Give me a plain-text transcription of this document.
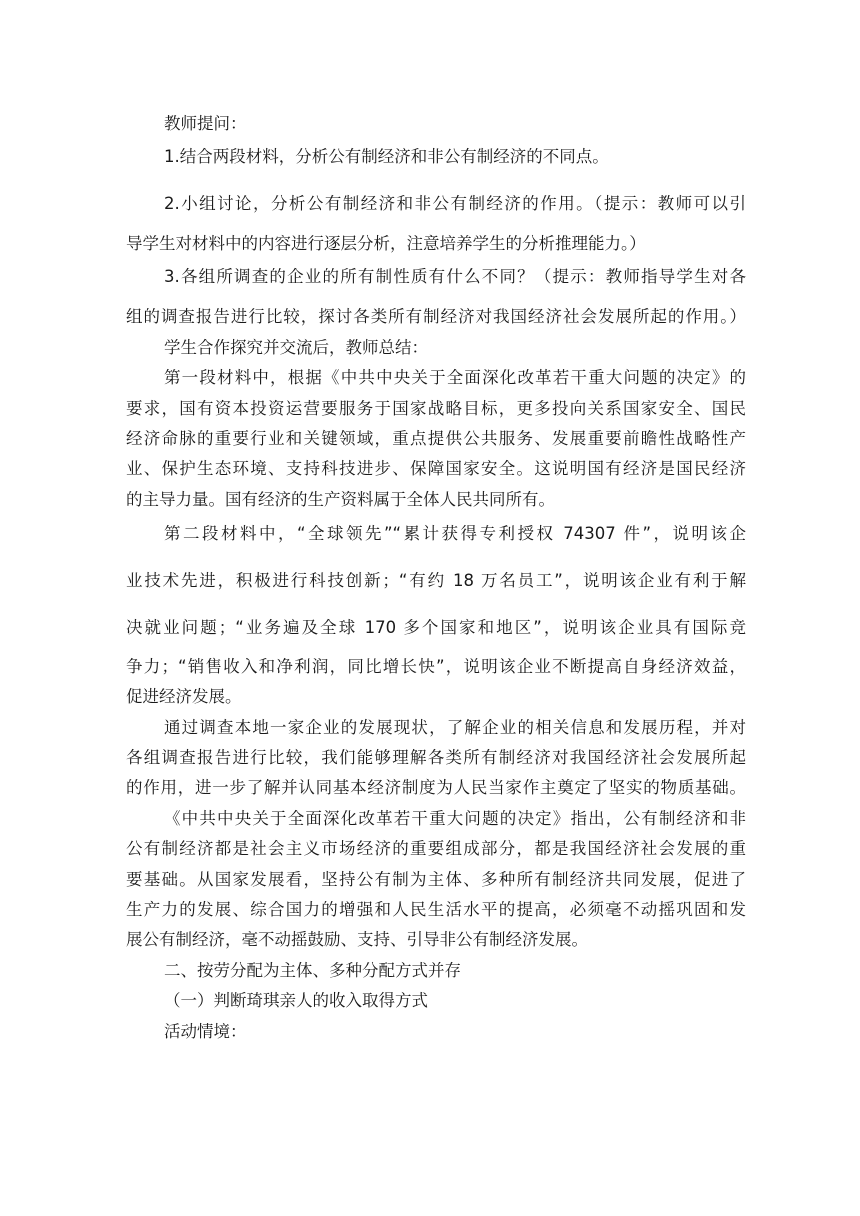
教师提问：
1.结合两段材料，分析公有制经济和非公有制经济的不同点。
2.小组讨论，分析公有制经济和非公有制经济的作用。（提示：教师可以引
导学生对材料中的内容进行逐层分析，注意培养学生的分析推理能力。）
3.各组所调查的企业的所有制性质有什么不同？（提示：教师指导学生对各
组的调查报告进行比较，探讨各类所有制经济对我国经济社会发展所起的作用。）
学生合作探究并交流后，教师总结：
第一段材料中，根据《中共中央关于全面深化改革若干重大问题的决定》的
要求，国有资本投资运营要服务于国家战略目标，更多投向关系国家安全、国民
经济命脉的重要行业和关键领域，重点提供公共服务、发展重要前瞻性战略性产
业、保护生态环境、支持科技进步、保障国家安全。这说明国有经济是国民经济
的主导力量。国有经济的生产资料属于全体人民共同所有。
第二段材料中，“全球领先”“累计获得专利授权 74307 件”，说明该企
业技术先进，积极进行科技创新；“有约 18 万名员工”，说明该企业有利于解
决就业问题；“业务遍及全球 170 多个国家和地区”，说明该企业具有国际竞
争力；“销售收入和净利润，同比增长快”，说明该企业不断提高自身经济效益，
促进经济发展。
通过调查本地一家企业的发展现状，了解企业的相关信息和发展历程，并对
各组调查报告进行比较，我们能够理解各类所有制经济对我国经济社会发展所起
的作用，进一步了解并认同基本经济制度为人民当家作主奠定了坚实的物质基础。
《中共中央关于全面深化改革若干重大问题的决定》指出，公有制经济和非
公有制经济都是社会主义市场经济的重要组成部分，都是我国经济社会发展的重
要基础。从国家发展看，坚持公有制为主体、多种所有制经济共同发展，促进了
生产力的发展、综合国力的增强和人民生活水平的提高，必须毫不动摇巩固和发
展公有制经济，毫不动摇鼓励、支持、引导非公有制经济发展。
二、按劳分配为主体、多种分配方式并存
（一）判断琦琪亲人的收入取得方式
活动情境：
